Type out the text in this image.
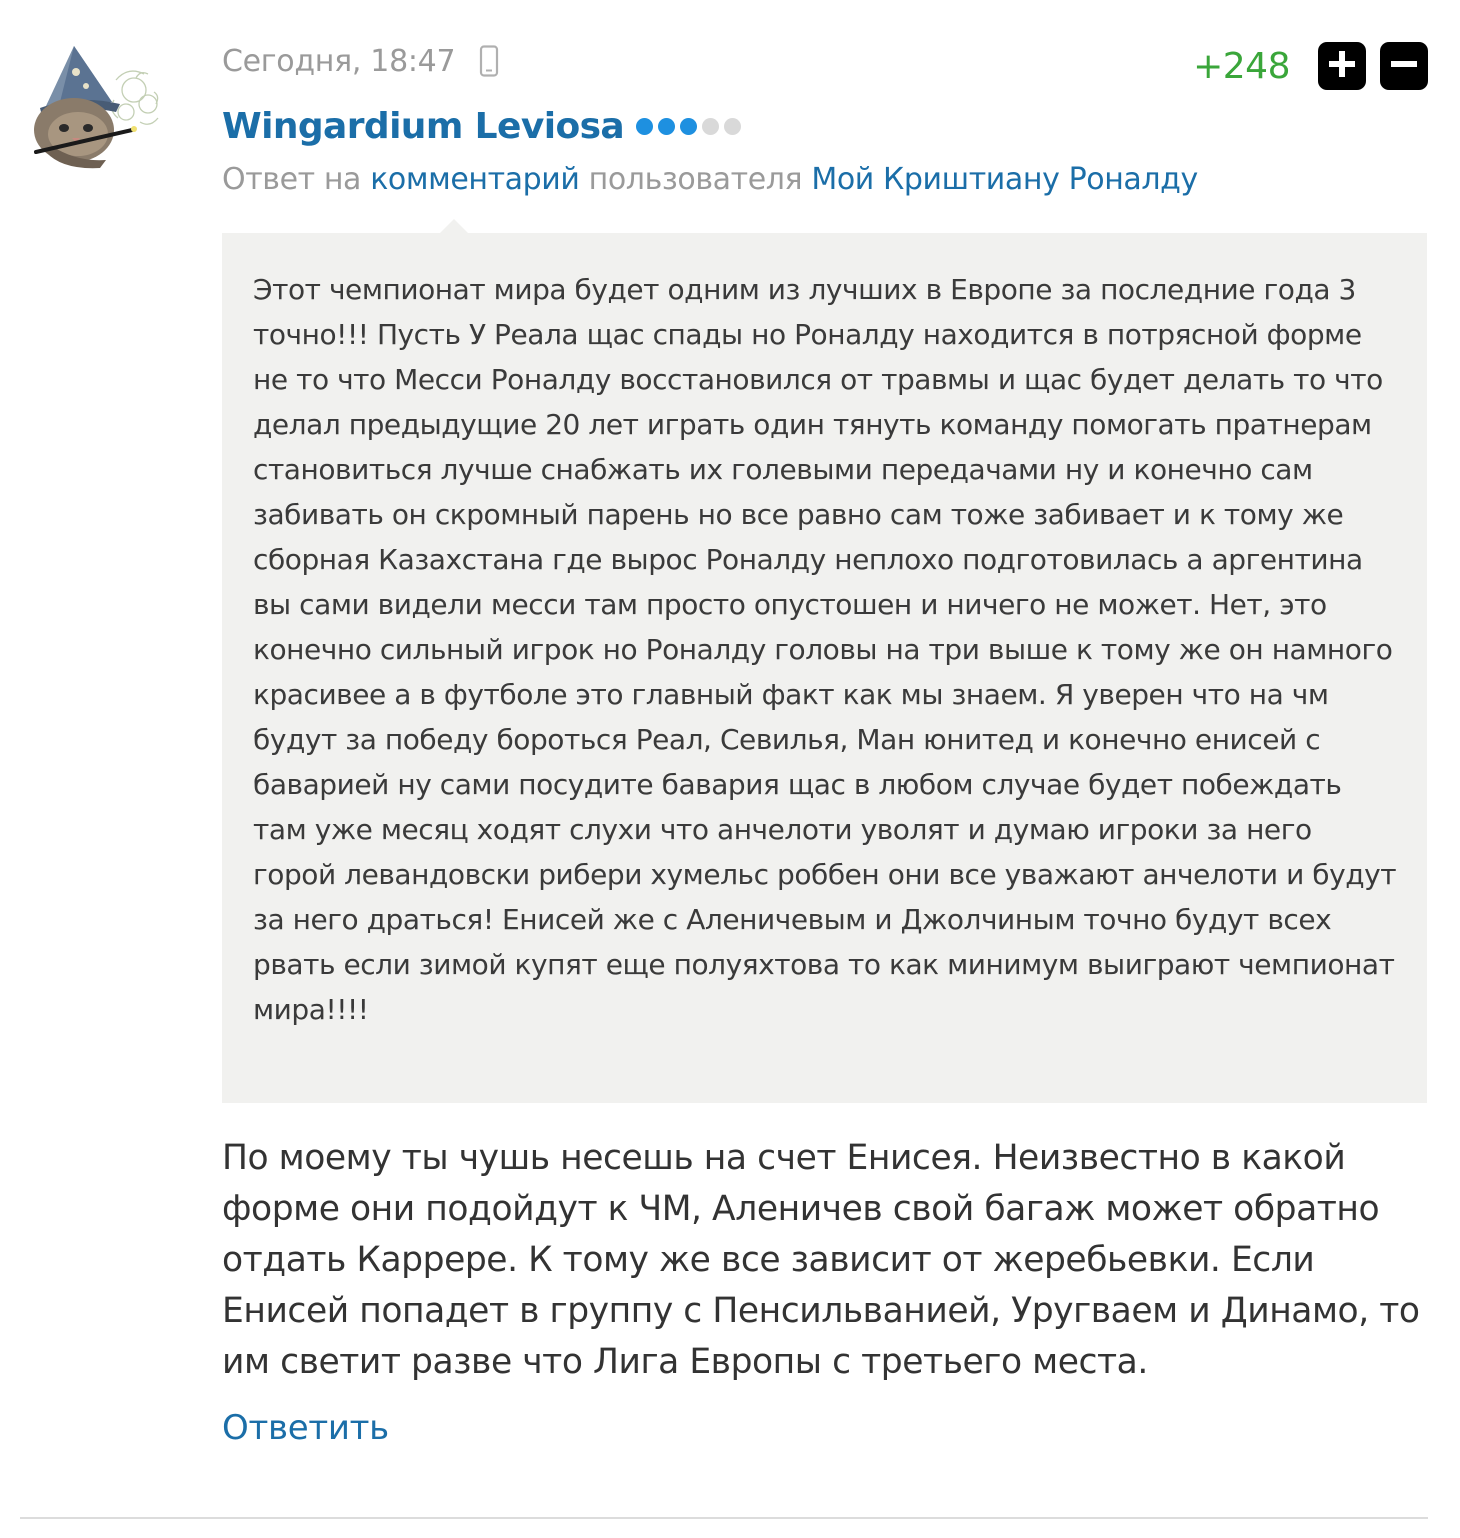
Сегодня, 18:47	+248
Wingardium Leviosa
Ответ на комментарий пользователя Мой Криштиану Роналду

Этот чемпионат мира будет одним из лучших в Европе за последние года 3 точно!!! Пусть У Реала щас спады но Роналду находится в потрясной форме не то что Месси Роналду восстановился от травмы и щас будет делать то что делал предыдущие 20 лет играть один тянуть команду помогать пратнерам становиться лучше снабжать их голевыми передачами ну и конечно сам забивать он скромный парень но все равно сам тоже забивает и к тому же сборная Казахстана где вырос Роналду неплохо подготовилась а аргентина вы сами видели месси там просто опустошен и ничего не может. Нет, это конечно сильный игрок но Роналду головы на три выше к тому же он намного красивее а в футболе это главный факт как мы знаем. Я уверен что на чм будут за победу бороться Реал, Севилья, Ман юнитед и конечно енисей с баварией ну сами посудите бавария щас в любом случае будет побеждать там уже месяц ходят слухи что анчелоти уволят и думаю игроки за него горой левандовски рибери хумельс роббен они все уважают анчелоти и будут за него драться! Енисей же с Аленичевым и Джолчиным точно будут всех рвать если зимой купят еще полуяхтова то как минимум выиграют чемпионат мира!!!!

По моему ты чушь несешь на счет Енисея. Неизвестно в какой форме они подойдут к ЧМ, Аленичев свой багаж может обратно отдать Каррере. К тому же все зависит от жеребьевки. Если Енисей попадет в группу с Пенсильванией, Уругваем и Динамо, то им светит разве что Лига Европы с третьего места.

Ответить
